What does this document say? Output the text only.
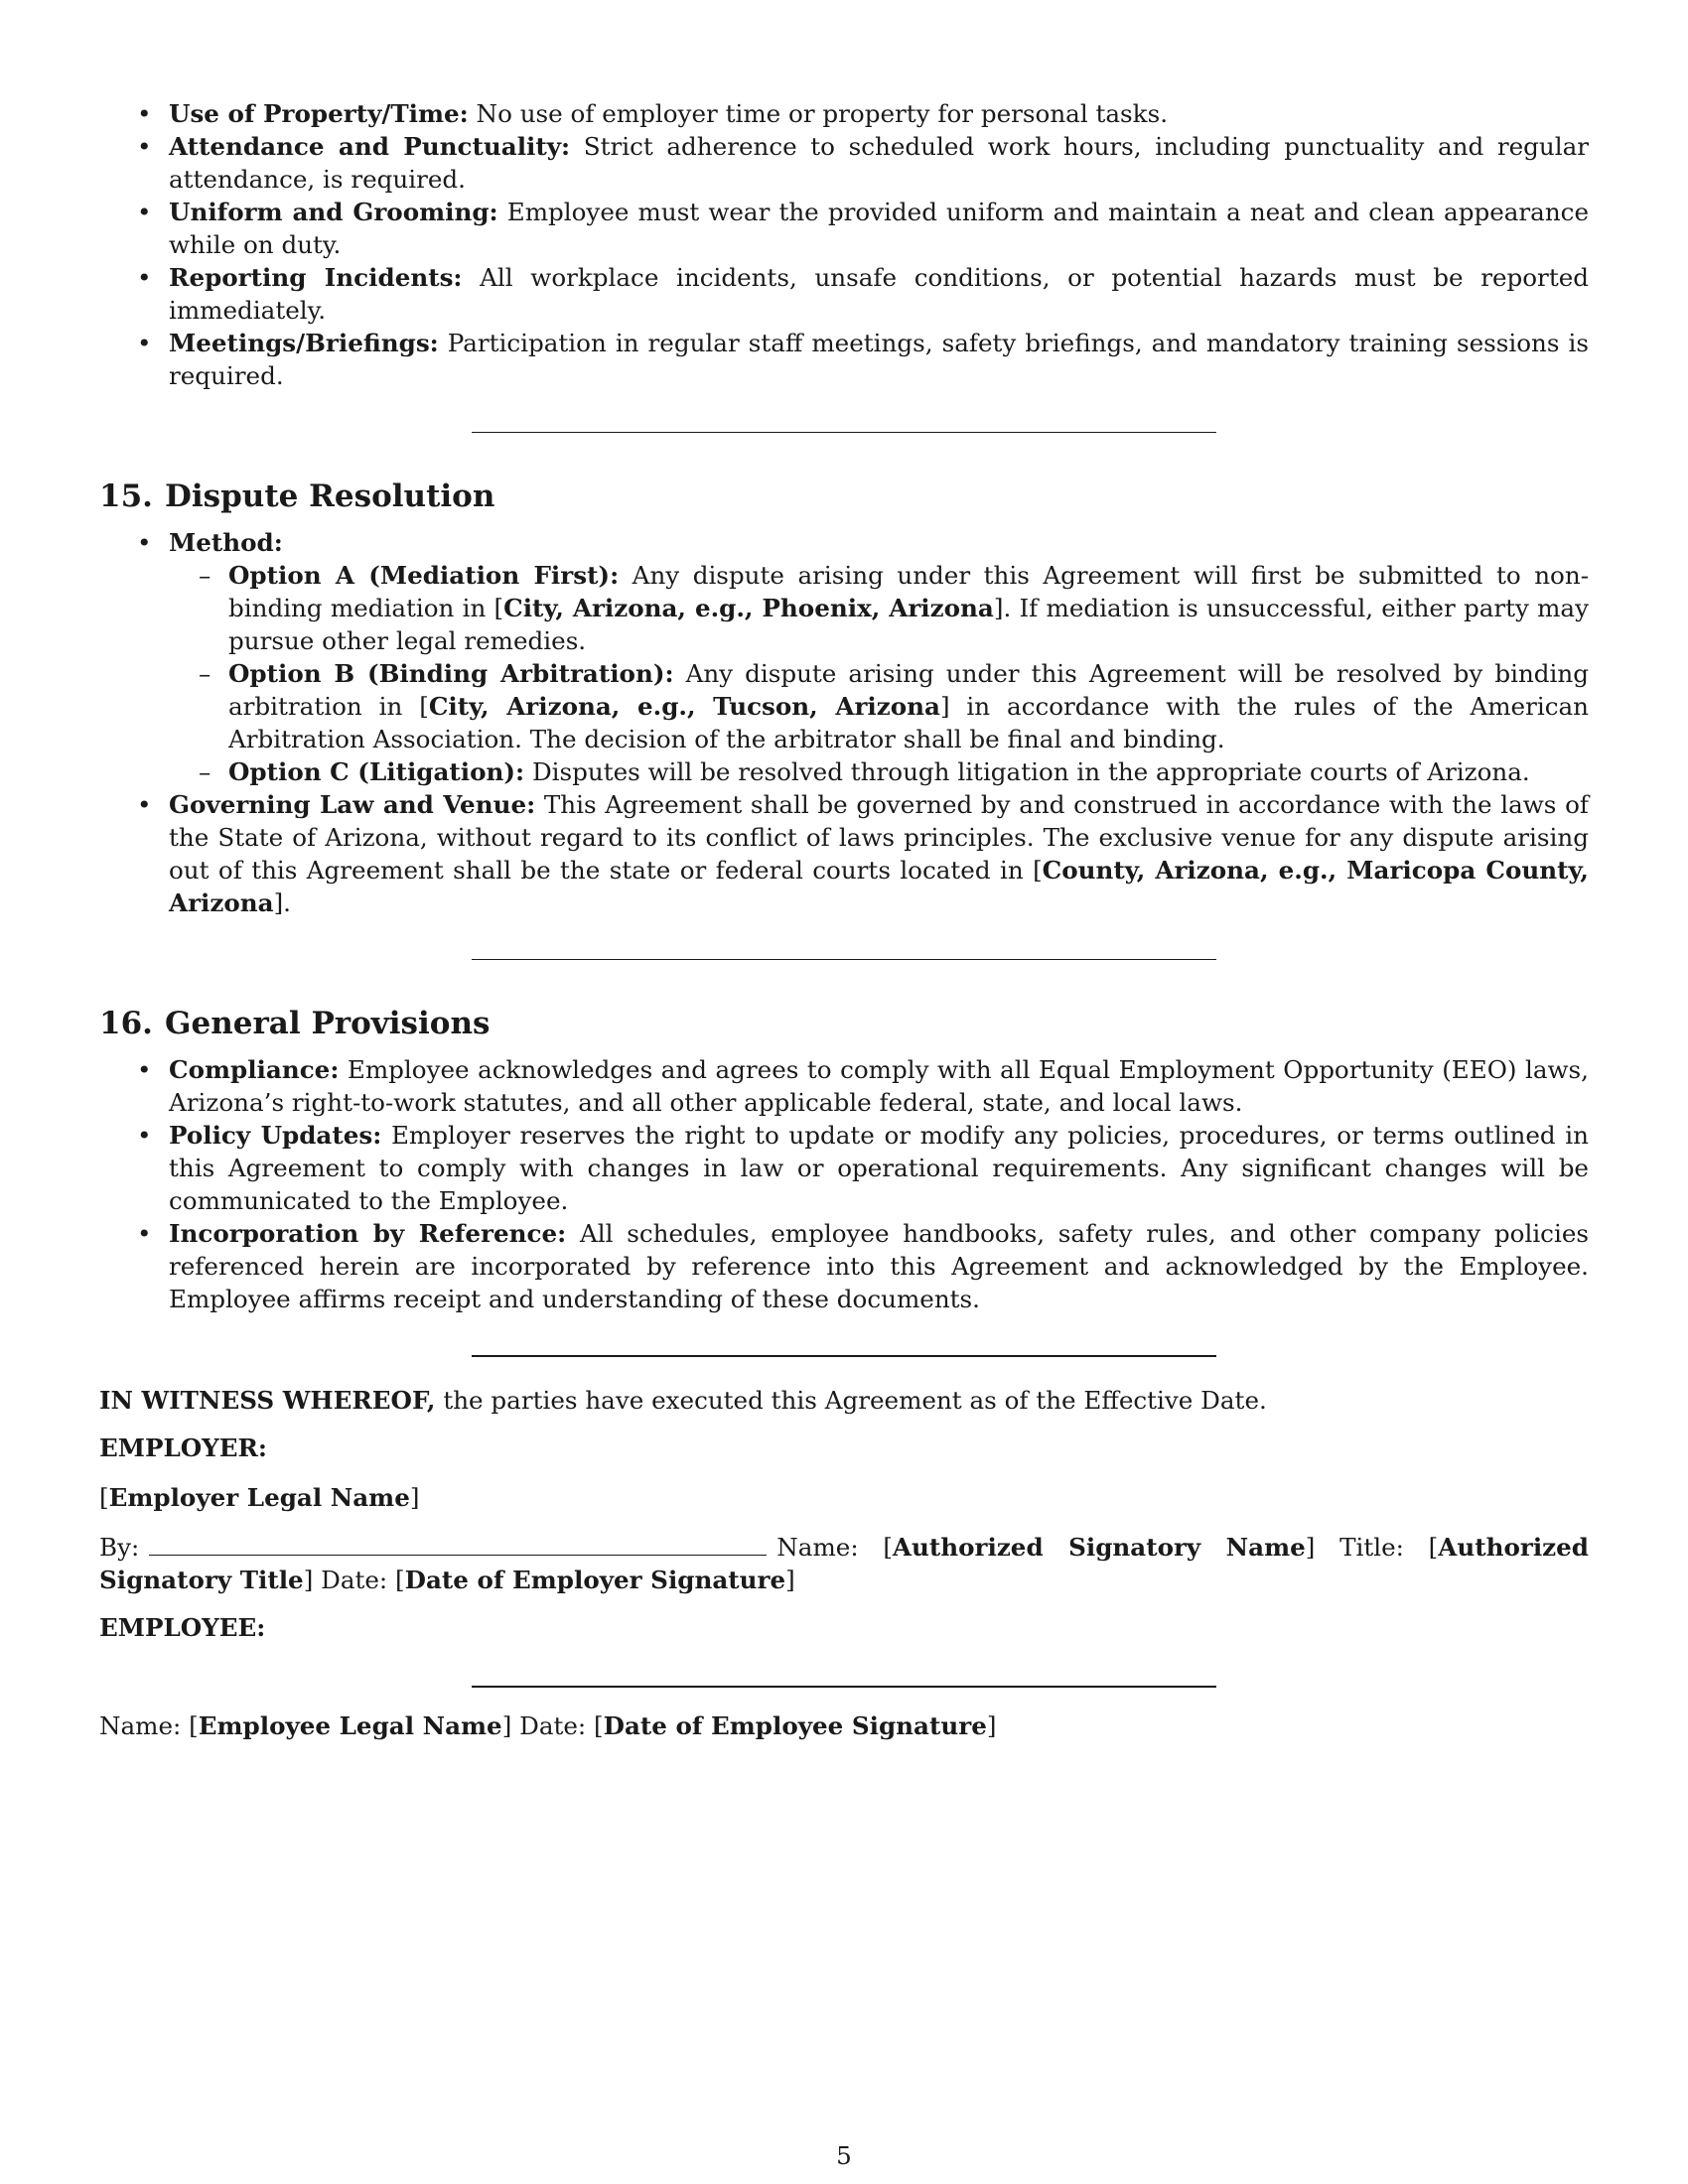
• Use of Property/Time: No use of employer time or property for personal tasks.
• Attendance and Punctuality: Strict adherence to scheduled work hours, including punctuality and regular attendance, is required.
• Uniform and Grooming: Employee must wear the provided uniform and maintain a neat and clean appearance while on duty.
• Reporting Incidents: All workplace incidents, unsafe conditions, or potential hazards must be reported immediately.
• Meetings/Briefings: Participation in regular staff meetings, safety briefings, and mandatory training sessions is required.
15. Dispute Resolution
• Method:
– Option A (Mediation First): Any dispute arising under this Agreement will first be submitted to non-binding mediation in [City, Arizona, e.g., Phoenix, Arizona]. If mediation is unsuccessful, either party may pursue other legal remedies.
– Option B (Binding Arbitration): Any dispute arising under this Agreement will be resolved by binding arbitration in [City, Arizona, e.g., Tucson, Arizona] in accordance with the rules of the American Arbitration Association. The decision of the arbitrator shall be final and binding.
– Option C (Litigation): Disputes will be resolved through litigation in the appropriate courts of Arizona.
• Governing Law and Venue: This Agreement shall be governed by and construed in accordance with the laws of the State of Arizona, without regard to its conflict of laws principles. The exclusive venue for any dispute arising out of this Agreement shall be the state or federal courts located in [County, Arizona, e.g., Maricopa County, Arizona].
16. General Provisions
• Compliance: Employee acknowledges and agrees to comply with all Equal Employment Opportunity (EEO) laws, Arizona’s right-to-work statutes, and all other applicable federal, state, and local laws.
• Policy Updates: Employer reserves the right to update or modify any policies, procedures, or terms outlined in this Agreement to comply with changes in law or operational requirements. Any significant changes will be communicated to the Employee.
• Incorporation by Reference: All schedules, employee handbooks, safety rules, and other company policies referenced herein are incorporated by reference into this Agreement and acknowledged by the Employee. Employee affirms receipt and understanding of these documents.

IN WITNESS WHEREOF, the parties have executed this Agreement as of the Effective Date.

EMPLOYER:

[Employer Legal Name]

By:	Name: [Authorized Signatory Name] Title: [Authorized Signatory Title] Date: [Date of Employer Signature]

EMPLOYEE:

Name: [Employee Legal Name] Date: [Date of Employee Signature]

5
